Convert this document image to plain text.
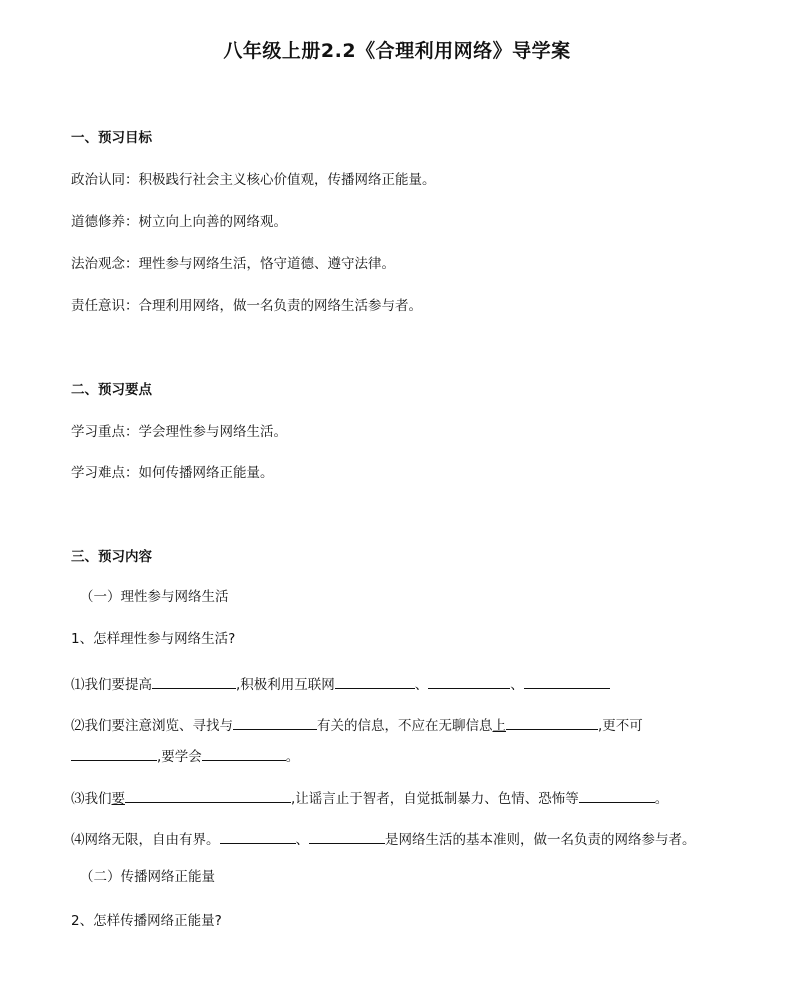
八年级上册2.2《合理利用网络》导学案
一、预习目标
政治认同：积极践行社会主义核心价值观，传播网络正能量。
道德修养：树立向上向善的网络观。
法治观念：理性参与网络生活，恪守道德、遵守法律。
责任意识：合理利用网络，做一名负责的网络生活参与者。
二、预习要点
学习重点：学会理性参与网络生活。
学习难点：如何传播网络正能量。
三、预习内容
（一）理性参与网络生活
1、怎样理性参与网络生活?
⑴我们要提高	,积极利用互联网	、	、
⑵我们要注意浏览、寻找与	有关的信息，不应在无聊信息上	,更不可
,要学会	。
⑶我们要	,让谣言止于智者，自觉抵制暴力、色情、恐怖等	。
⑷网络无限，自由有界。	、	是网络生活的基本准则，做一名负责的网络参与者。
（二）传播网络正能量
2、怎样传播网络正能量?
